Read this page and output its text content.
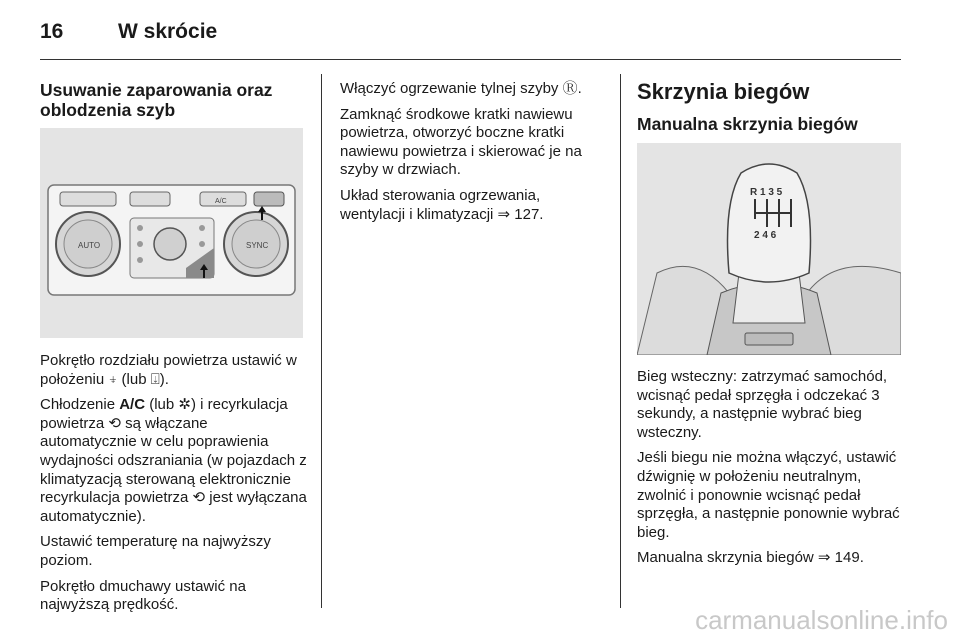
16	W skrócie
Usuwanie zaparowania oraz oblodzenia szyb
AUTO	SYNC
A/C

Pokrętło rozdziału powietrza ustawić w położeniu ⍖ (lub ⍗).

Chłodzenie A/C (lub ✲) i recyrkulacja powietrza ⟲ są włączane automatycznie w celu poprawienia wydajności odszraniania (w pojazdach z klimatyzacją sterowaną elektronicznie recyrkulacja powietrza ⟲ jest wyłączana automatycznie).

Ustawić temperaturę na najwyższy poziom.

Pokrętło dmuchawy ustawić na najwyższą prędkość.

Włączyć ogrzewanie tylnej szyby Ⓡ.

Zamknąć środkowe kratki nawiewu powietrza, otworzyć boczne kratki nawiewu powietrza i skierować je na szyby w drzwiach.

Układ sterowania ogrzewania, wentylacji i klimatyzacji ⇒ 127.

Skrzynia biegów
Manualna skrzynia biegów
R 1 3 5
2 4 6

Bieg wsteczny: zatrzymać samochód, wcisnąć pedał sprzęgła i odczekać 3 sekundy, a następnie wybrać bieg wsteczny.

Jeśli biegu nie można włączyć, ustawić dźwignię w położeniu neutralnym, zwolnić i ponownie wcisnąć pedał sprzęgła, a następnie ponownie wybrać bieg.

Manualna skrzynia biegów ⇒ 149.

carmanualsonline.info
